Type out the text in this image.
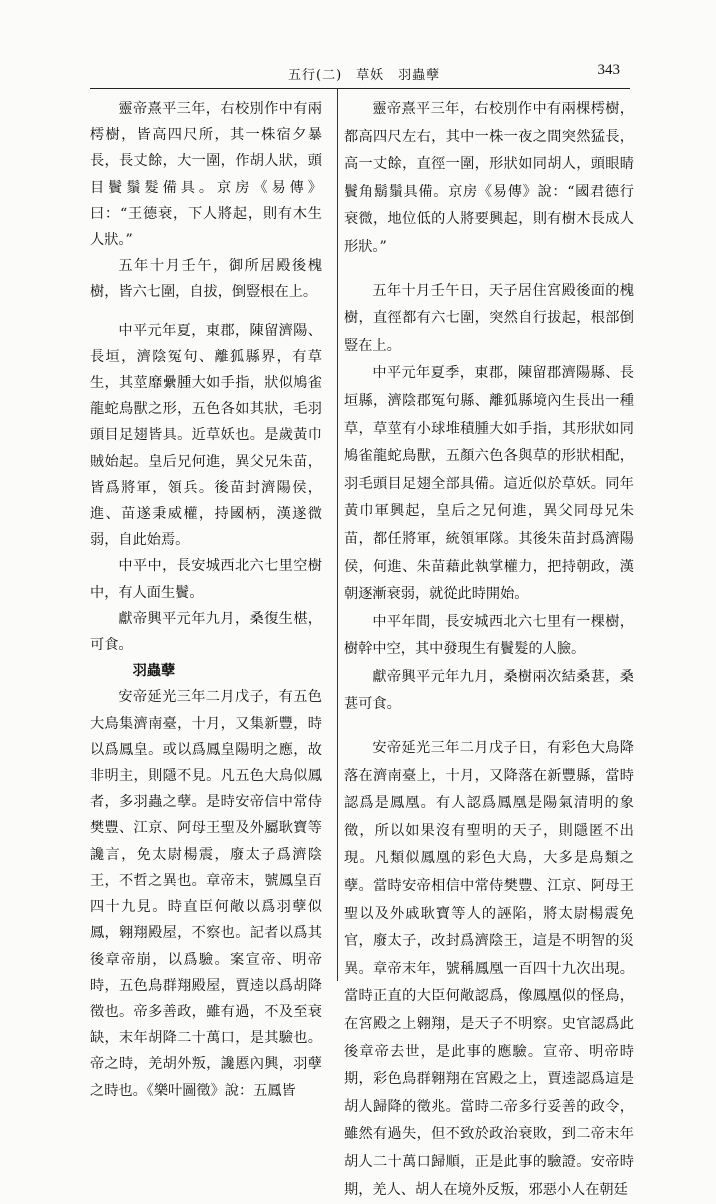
五行(二)　草妖　羽蟲孽	343

靈帝熹平三年，右校別作中有兩樗樹，皆高四尺所，其一株宿夕暴長，長丈餘，大一圍，作胡人狀，頭目鬢鬚髮備具。京房《易傳》曰：“王德衰，下人將起，則有木生人狀。”

五年十月壬午，御所居殿後槐樹，皆六七圍，自拔，倒豎根在上。

中平元年夏，東郡，陳留濟陽、長垣，濟陰冤句、離狐縣界，有草生，其莖靡纍腫大如手指，狀似鳩雀龍蛇鳥獸之形，五色各如其狀，毛羽頭目足翅皆具。近草妖也。是歲黃巾賊始起。皇后兄何進，異父兄朱苗，皆爲將軍，領兵。後苗封濟陽侯，進、苗遂秉威權，持國柄，漢遂微弱，自此始焉。

中平中，長安城西北六七里空樹中，有人面生鬢。

獻帝興平元年九月，桑復生椹，可食。

羽蟲孽

安帝延光三年二月戊子，有五色大鳥集濟南臺，十月，又集新豐，時以爲鳳皇。或以爲鳳皇陽明之應，故非明主，則隱不見。凡五色大鳥似鳳者，多羽蟲之孽。是時安帝信中常侍樊豐、江京、阿母王聖及外屬耿寶等讒言，免太尉楊震，廢太子爲濟陰王，不哲之異也。章帝末，號鳳皇百四十九見。時直臣何敞以爲羽孽似鳳，翱翔殿屋，不察也。記者以爲其後章帝崩，以爲驗。案宣帝、明帝時，五色鳥群翔殿屋，賈逵以爲胡降徵也。帝多善政，雖有過，不及至衰缺，末年胡降二十萬口，是其驗也。帝之時，羌胡外叛，讒慝內興，羽孽之時也。《樂叶圖徵》說：五鳳皆

靈帝熹平三年，右校別作中有兩棵樗樹，都高四尺左右，其中一株一夜之間突然猛長，高一丈餘，直徑一圍，形狀如同胡人，頭眼睛鬢角鬍鬚具備。京房《易傳》說：“國君德行衰微，地位低的人將要興起，則有樹木長成人形狀。”

五年十月壬午日，天子居住宮殿後面的槐樹，直徑都有六七圍，突然自行拔起，根部倒豎在上。

中平元年夏季，東郡，陳留郡濟陽縣、長垣縣，濟陰郡冤句縣、離狐縣境內生長出一種草，草莖有小球堆積腫大如手指，其形狀如同鳩雀龍蛇鳥獸，五顏六色各與草的形狀相配，羽毛頭目足翅全部具備。這近似於草妖。同年黃巾軍興起，皇后之兄何進，異父同母兄朱苗，都任將軍，統領軍隊。其後朱苗封爲濟陽侯，何進、朱苗藉此執掌權力，把持朝政，漢朝逐漸衰弱，就從此時開始。

中平年間，長安城西北六七里有一棵樹，樹幹中空，其中發現生有鬢髮的人臉。

獻帝興平元年九月，桑樹兩次結桑葚，桑葚可食。

安帝延光三年二月戊子日，有彩色大鳥降落在濟南臺上，十月，又降落在新豐縣，當時認爲是鳳凰。有人認爲鳳凰是陽氣清明的象徵，所以如果沒有聖明的天子，則隱匿不出現。凡類似鳳凰的彩色大鳥，大多是鳥類之孽。當時安帝相信中常侍樊豐、江京、阿母王聖以及外戚耿寶等人的誣陷，將太尉楊震免官，廢太子，改封爲濟陰王，這是不明智的災異。章帝末年，號稱鳳凰一百四十九次出現。當時正直的大臣何敞認爲，像鳳凰似的怪鳥，在宮殿之上翱翔，是天子不明察。史官認爲此後章帝去世，是此事的應驗。宣帝、明帝時期，彩色鳥群翱翔在宮殿之上，賈逵認爲這是胡人歸降的徵兆。當時二帝多行妥善的政令，雖然有過失，但不致於政治衰敗，到二帝末年胡人二十萬口歸順，正是此事的驗證。安帝時期，羌人、胡人在境外反叛，邪惡小人在朝廷
